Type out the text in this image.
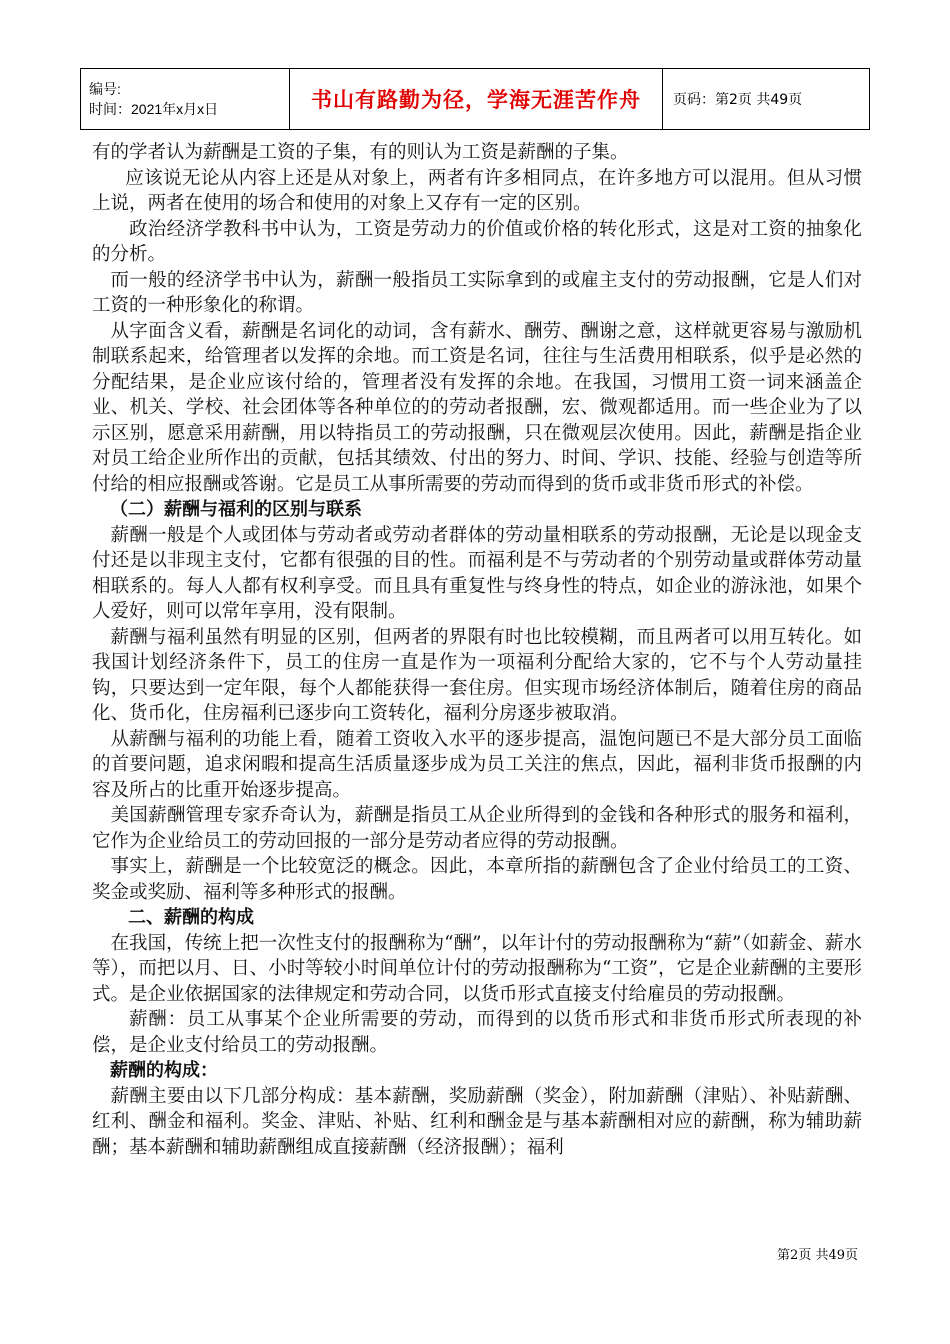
编号:
时间：2021年x月x日	书山有路勤为径，学海无涯苦作舟	页码：第2页 共49页

有的学者认为薪酬是工资的子集，有的则认为工资是薪酬的子集。

应该说无论从内容上还是从对象上，两者有许多相同点，在许多地方可以混用。但从习惯上说，两者在使用的场合和使用的对象上又存有一定的区别。

政治经济学教科书中认为，工资是劳动力的价值或价格的转化形式，这是对工资的抽象化的分析。

而一般的经济学书中认为，薪酬一般指员工实际拿到的或雇主支付的劳动报酬，它是人们对工资的一种形象化的称谓。

从字面含义看，薪酬是名词化的动词，含有薪水、酬劳、酬谢之意，这样就更容易与激励机制联系起来，给管理者以发挥的余地。而工资是名词，往往与生活费用相联系，似乎是必然的分配结果，是企业应该付给的，管理者没有发挥的余地。在我国，习惯用工资一词来涵盖企业、机关、学校、社会团体等各种单位的的劳动者报酬，宏、微观都适用。而一些企业为了以示区别，愿意采用薪酬，用以特指员工的劳动报酬，只在微观层次使用。因此，薪酬是指企业对员工给企业所作出的贡献，包括其绩效、付出的努力、时间、学识、技能、经验与创造等所付给的相应报酬或答谢。它是员工从事所需要的劳动而得到的货币或非货币形式的补偿。

（二）薪酬与福利的区别与联系

薪酬一般是个人或团体与劳动者或劳动者群体的劳动量相联系的劳动报酬，无论是以现金支付还是以非现主支付，它都有很强的目的性。而福利是不与劳动者的个别劳动量或群体劳动量相联系的。每人人都有权利享受。而且具有重复性与终身性的特点，如企业的游泳池，如果个人爱好，则可以常年享用，没有限制。

薪酬与福利虽然有明显的区别，但两者的界限有时也比较模糊，而且两者可以用互转化。如我国计划经济条件下，员工的住房一直是作为一项福利分配给大家的，它不与个人劳动量挂钩，只要达到一定年限，每个人都能获得一套住房。但实现市场经济体制后，随着住房的商品化、货币化，住房福利已逐步向工资转化，福利分房逐步被取消。

从薪酬与福利的功能上看，随着工资收入水平的逐步提高，温饱问题已不是大部分员工面临的首要问题，追求闲暇和提高生活质量逐步成为员工关注的焦点，因此，福利非货币报酬的内容及所占的比重开始逐步提高。

美国薪酬管理专家乔奇认为，薪酬是指员工从企业所得到的金钱和各种形式的服务和福利，它作为企业给员工的劳动回报的一部分是劳动者应得的劳动报酬。

事实上，薪酬是一个比较宽泛的概念。因此，本章所指的薪酬包含了企业付给员工的工资、奖金或奖励、福利等多种形式的报酬。

二、薪酬的构成

在我国，传统上把一次性支付的报酬称为“酬”，以年计付的劳动报酬称为“薪”（如薪金、薪水等），而把以月、日、小时等较小时间单位计付的劳动报酬称为“工资”，它是企业薪酬的主要形式。是企业依据国家的法律规定和劳动合同，以货币形式直接支付给雇员的劳动报酬。

薪酬：员工从事某个企业所需要的劳动，而得到的以货币形式和非货币形式所表现的补偿，是企业支付给员工的劳动报酬。

薪酬的构成：

薪酬主要由以下几部分构成：基本薪酬，奖励薪酬（奖金），附加薪酬（津贴）、补贴薪酬、红利、酬金和福利。奖金、津贴、补贴、红利和酬金是与基本薪酬相对应的薪酬，称为辅助薪酬；基本薪酬和辅助薪酬组成直接薪酬（经济报酬）；福利

第2页 共49页
